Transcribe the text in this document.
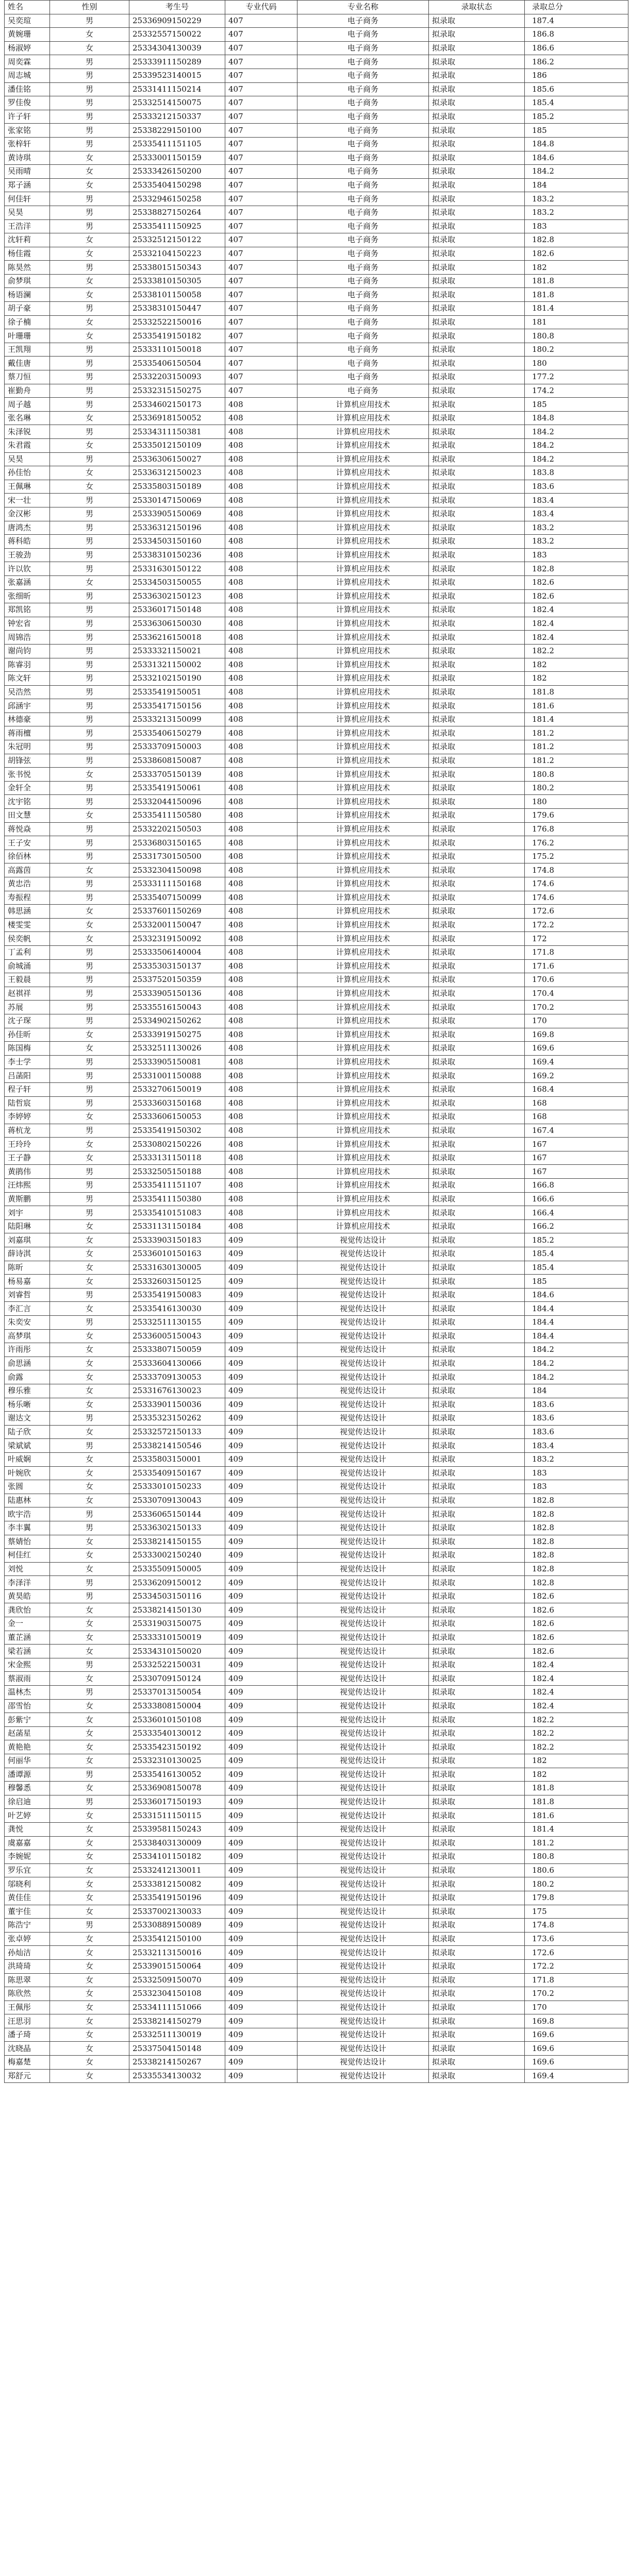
姓名	性别	考生号	专业代码	专业名称	录取状态	录取总分
吴奕瑄	男	25336909150229	407	电子商务	拟录取	187.4
黄婉珊	女	25332557150022	407	电子商务	拟录取	186.8
杨淑婷	女	25334304130039	407	电子商务	拟录取	186.6
周奕霖	男	25333911150289	407	电子商务	拟录取	186.2
周志城	男	25339523140015	407	电子商务	拟录取	186
潘佳铭	男	25331411150214	407	电子商务	拟录取	185.6
罗佳俊	男	25332514150075	407	电子商务	拟录取	185.4
许子轩	男	25333212150337	407	电子商务	拟录取	185.2
张家铭	男	25338229150100	407	电子商务	拟录取	185
张梓轩	男	25335411151105	407	电子商务	拟录取	184.8
黄诗琪	女	25333001150159	407	电子商务	拟录取	184.6
吴雨晴	女	25333426150200	407	电子商务	拟录取	184.2
郑子涵	女	25335404150298	407	电子商务	拟录取	184
何佳轩	男	25332946150258	407	电子商务	拟录取	183.2
吴昊	男	25338827150264	407	电子商务	拟录取	183.2
王浩洋	男	25335411150925	407	电子商务	拟录取	183
沈轩莉	女	25332512150122	407	电子商务	拟录取	182.8
杨佳霞	女	25332104150223	407	电子商务	拟录取	182.6
陈昊然	男	25338015150343	407	电子商务	拟录取	182
俞梦琪	女	25333810150305	407	电子商务	拟录取	181.8
杨语澜	女	25338101150058	407	电子商务	拟录取	181.8
胡子豪	男	25338310150447	407	电子商务	拟录取	181.4
徐子楠	女	25332522150016	407	电子商务	拟录取	181
叶珊珊	女	25335419150182	407	电子商务	拟录取	180.8
王凯翔	男	25333110150018	407	电子商务	拟录取	180.2
戴佳唐	男	25335406150504	407	电子商务	拟录取	180
蔡刀恒	男	25332203150093	407	电子商务	拟录取	177.2
崔勤舟	男	25332315150275	407	电子商务	拟录取	174.2
周子越	男	25334602150173	408	计算机应用技术	拟录取	185
张名琳	女	25336918150052	408	计算机应用技术	拟录取	184.8
朱泽锐	男	25334311150381	408	计算机应用技术	拟录取	184.2
朱君霞	女	25335012150109	408	计算机应用技术	拟录取	184.2
吴昊	男	25336306150027	408	计算机应用技术	拟录取	184.2
孙佳怡	女	25336312150023	408	计算机应用技术	拟录取	183.8
王佩琳	女	25335803150189	408	计算机应用技术	拟录取	183.6
宋一壮	男	25330147150069	408	计算机应用技术	拟录取	183.4
金汉彬	男	25333905150069	408	计算机应用技术	拟录取	183.4
唐鸿杰	男	25336312150196	408	计算机应用技术	拟录取	183.2
蒋科皓	男	25334503150160	408	计算机应用技术	拟录取	183.2
王骏劲	男	25338310150236	408	计算机应用技术	拟录取	183
许以钦	男	25331630150122	408	计算机应用技术	拟录取	182.8
张嘉涵	女	25334503150055	408	计算机应用技术	拟录取	182.6
张细昕	男	25336302150123	408	计算机应用技术	拟录取	182.6
郑凯铭	男	25336017150148	408	计算机应用技术	拟录取	182.4
钟宏省	男	25336306150030	408	计算机应用技术	拟录取	182.4
周锦浩	男	25336216150018	408	计算机应用技术	拟录取	182.4
谢尚钧	男	25333321150021	408	计算机应用技术	拟录取	182.2
陈睿羽	男	25331321150002	408	计算机应用技术	拟录取	182
陈文轩	男	25332102150190	408	计算机应用技术	拟录取	182
吴浩然	男	25335419150051	408	计算机应用技术	拟录取	181.8
邱涵宇	男	25335417150156	408	计算机应用技术	拟录取	181.6
林德豪	男	25333213150099	408	计算机应用技术	拟录取	181.4
蒋雨檀	男	25335406150279	408	计算机应用技术	拟录取	181.2
朱冠明	男	25333709150003	408	计算机应用技术	拟录取	181.2
胡锋弦	男	25338608150087	408	计算机应用技术	拟录取	181.2
张书悦	女	25333705150139	408	计算机应用技术	拟录取	180.8
金轩全	男	25335419150061	408	计算机应用技术	拟录取	180.2
沈宇铭	男	25332044150096	408	计算机应用技术	拟录取	180
田文慧	女	25335411150580	408	计算机应用技术	拟录取	179.6
蒋悦焱	男	25332202150503	408	计算机应用技术	拟录取	176.8
王子安	男	25336803150165	408	计算机应用技术	拟录取	176.2
徐佰林	男	25331730150500	408	计算机应用技术	拟录取	175.2
高露茵	女	25332304150098	408	计算机应用技术	拟录取	174.8
黄忠浩	男	25333111150168	408	计算机应用技术	拟录取	174.6
寿振程	男	25335407150099	408	计算机应用技术	拟录取	174.6
韩思涵	女	25337601150269	408	计算机应用技术	拟录取	172.6
楼雯雯	女	25332001150047	408	计算机应用技术	拟录取	172.2
侯奕帆	女	25332319150092	408	计算机应用技术	拟录取	172
丁孟利	男	25333506140004	408	计算机应用技术	拟录取	171.8
俞城涌	男	25335303150137	408	计算机应用技术	拟录取	171.6
王毅晨	男	25337520150359	408	计算机应用技术	拟录取	170.6
赵祺祥	男	25333905150136	408	计算机应用技术	拟录取	170.4
苏展	男	25335516150043	408	计算机应用技术	拟录取	170.2
沈子琛	男	25334902150262	408	计算机应用技术	拟录取	170
孙佳昕	女	25333919150275	408	计算机应用技术	拟录取	169.8
陈国梅	女	25332511130026	408	计算机应用技术	拟录取	169.6
李士学	男	25333905150081	408	计算机应用技术	拟录取	169.4
吕菡阳	男	25331001150088	408	计算机应用技术	拟录取	169.2
程子轩	男	25332706150019	408	计算机应用技术	拟录取	168.4
陆哲宸	男	25333603150168	408	计算机应用技术	拟录取	168
李婷婷	女	25333606150053	408	计算机应用技术	拟录取	168
蒋杭龙	男	25335419150302	408	计算机应用技术	拟录取	167.4
王玲玲	女	25330802150226	408	计算机应用技术	拟录取	167
王子静	女	25333131150118	408	计算机应用技术	拟录取	167
黄鹃伟	男	25332505150188	408	计算机应用技术	拟录取	167
汪炜熙	男	25335411151107	408	计算机应用技术	拟录取	166.8
黄斯鹏	男	25335411150380	408	计算机应用技术	拟录取	166.6
刘宇	男	25335410151083	408	计算机应用技术	拟录取	166.4
陆阳琳	女	25331131150184	408	计算机应用技术	拟录取	166.2
刘嘉琪	女	25333903150183	409	视觉传达设计	拟录取	185.2
薛诗淇	女	25336010150163	409	视觉传达设计	拟录取	185.4
陈昕	女	25331630130005	409	视觉传达设计	拟录取	185.4
杨易嘉	女	25332603150125	409	视觉传达设计	拟录取	185
刘睿哲	男	25335419150083	409	视觉传达设计	拟录取	184.6
李汇言	女	25335416130030	409	视觉传达设计	拟录取	184.4
朱奕安	男	25332511130155	409	视觉传达设计	拟录取	184.4
高梦琪	女	25336005150043	409	视觉传达设计	拟录取	184.4
许雨彤	女	25333807150059	409	视觉传达设计	拟录取	184.2
俞思涵	女	25333604130066	409	视觉传达设计	拟录取	184.2
俞露	女	25333709130053	409	视觉传达设计	拟录取	184.2
穆乐雅	女	25331676130023	409	视觉传达设计	拟录取	184
杨乐晰	女	25333901150036	409	视觉传达设计	拟录取	183.6
谢达文	男	25335323150262	409	视觉传达设计	拟录取	183.6
陆子欣	女	25332572150133	409	视觉传达设计	拟录取	183.6
梁斌斌	男	25338214150546	409	视觉传达设计	拟录取	183.4
叶威娴	女	25335803150001	409	视觉传达设计	拟录取	183.2
叶婉欣	女	25335409150167	409	视觉传达设计	拟录取	183
张圆	女	25333010150233	409	视觉传达设计	拟录取	183
陆惠林	女	25330709130043	409	视觉传达设计	拟录取	182.8
欧宇浩	男	25336065150144	409	视觉传达设计	拟录取	182.8
李丰翼	男	25336302150133	409	视觉传达设计	拟录取	182.8
蔡婧怡	女	25338214150155	409	视觉传达设计	拟录取	182.8
柯佳红	女	25333002150240	409	视觉传达设计	拟录取	182.8
刘悦	女	25335509150005	409	视觉传达设计	拟录取	182.8
李泽洋	男	25336209150012	409	视觉传达设计	拟录取	182.8
黄昊皓	男	25334503150116	409	视觉传达设计	拟录取	182.6
龚欣怡	女	25338214150130	409	视觉传达设计	拟录取	182.6
金一	女	25331903150075	409	视觉传达设计	拟录取	182.6
董芷涵	女	25333310150019	409	视觉传达设计	拟录取	182.6
梁若涵	女	25334310150020	409	视觉传达设计	拟录取	182.6
宋金熙	男	25332522150031	409	视觉传达设计	拟录取	182.4
蔡淑雨	女	25330709150124	409	视觉传达设计	拟录取	182.4
温林杰	男	25337013150054	409	视觉传达设计	拟录取	182.4
邵雪怡	女	25333808150004	409	视觉传达设计	拟录取	182.4
彭紫宁	女	25336010150108	409	视觉传达设计	拟录取	182.2
赵菡星	女	25333540130012	409	视觉传达设计	拟录取	182.2
黄艳艳	女	25335423150192	409	视觉传达设计	拟录取	182.2
何丽华	女	25332310130025	409	视觉传达设计	拟录取	182
潘谭源	男	25335416130052	409	视觉传达设计	拟录取	182
穆馨悉	女	25336908150078	409	视觉传达设计	拟录取	181.8
徐启迪	男	25336017150193	409	视觉传达设计	拟录取	181.8
叶艺婷	女	25331511150115	409	视觉传达设计	拟录取	181.6
龚悦	女	25339581150243	409	视觉传达设计	拟录取	181.4
虞嘉嘉	女	25338403130009	409	视觉传达设计	拟录取	181.2
李婉妮	女	25334101150182	409	视觉传达设计	拟录取	180.8
罗乐宜	女	25332412130011	409	视觉传达设计	拟录取	180.6
邬晓利	女	25333812150082	409	视觉传达设计	拟录取	180.2
黄佳佳	女	25335419150196	409	视觉传达设计	拟录取	179.8
董宇佳	女	25337002130033	409	视觉传达设计	拟录取	175
陈浩宁	男	25330889150089	409	视觉传达设计	拟录取	174.8
张卓婷	女	25335412150100	409	视觉传达设计	拟录取	173.6
孙灿洁	女	25332113150016	409	视觉传达设计	拟录取	172.6
洪琦琦	女	25339015150064	409	视觉传达设计	拟录取	172.2
陈思翠	女	25332509150070	409	视觉传达设计	拟录取	171.8
陈欣然	女	25332304150108	409	视觉传达设计	拟录取	170.2
王佩彤	女	25334111151066	409	视觉传达设计	拟录取	170
汪思羽	女	25338214150279	409	视觉传达设计	拟录取	169.8
潘子琦	女	25332511130019	409	视觉传达设计	拟录取	169.6
沈晓晶	女	25337504150148	409	视觉传达设计	拟录取	169.6
梅嘉楚	女	25338214150267	409	视觉传达设计	拟录取	169.6
郑舒元	女	25335534130032	409	视觉传达设计	拟录取	169.4
